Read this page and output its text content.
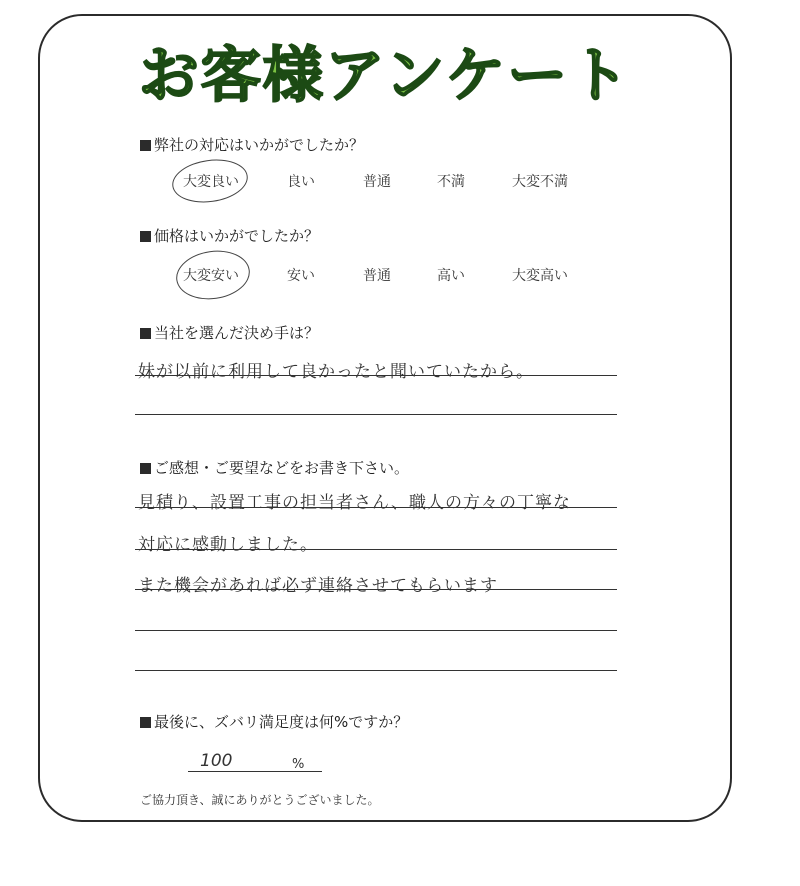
お客様アンケート
弊社の対応はいかがでしたか？
大変良い	良い	普通	不満	大変不満
価格はいかがでしたか？
大変安い	安い	普通	高い	大変高い
当社を選んだ決め手は？
妹が以前に利用して良かったと聞いていたから。
ご感想・ご要望などをお書き下さい。
見積り、設置工事の担当者さん、職人の方々の丁寧な
対応に感動しました。
また機会があれば必ず連絡させてもらいます
最後に、ズバリ満足度は何%ですか？
100	%
ご協力頂き、誠にありがとうございました。
